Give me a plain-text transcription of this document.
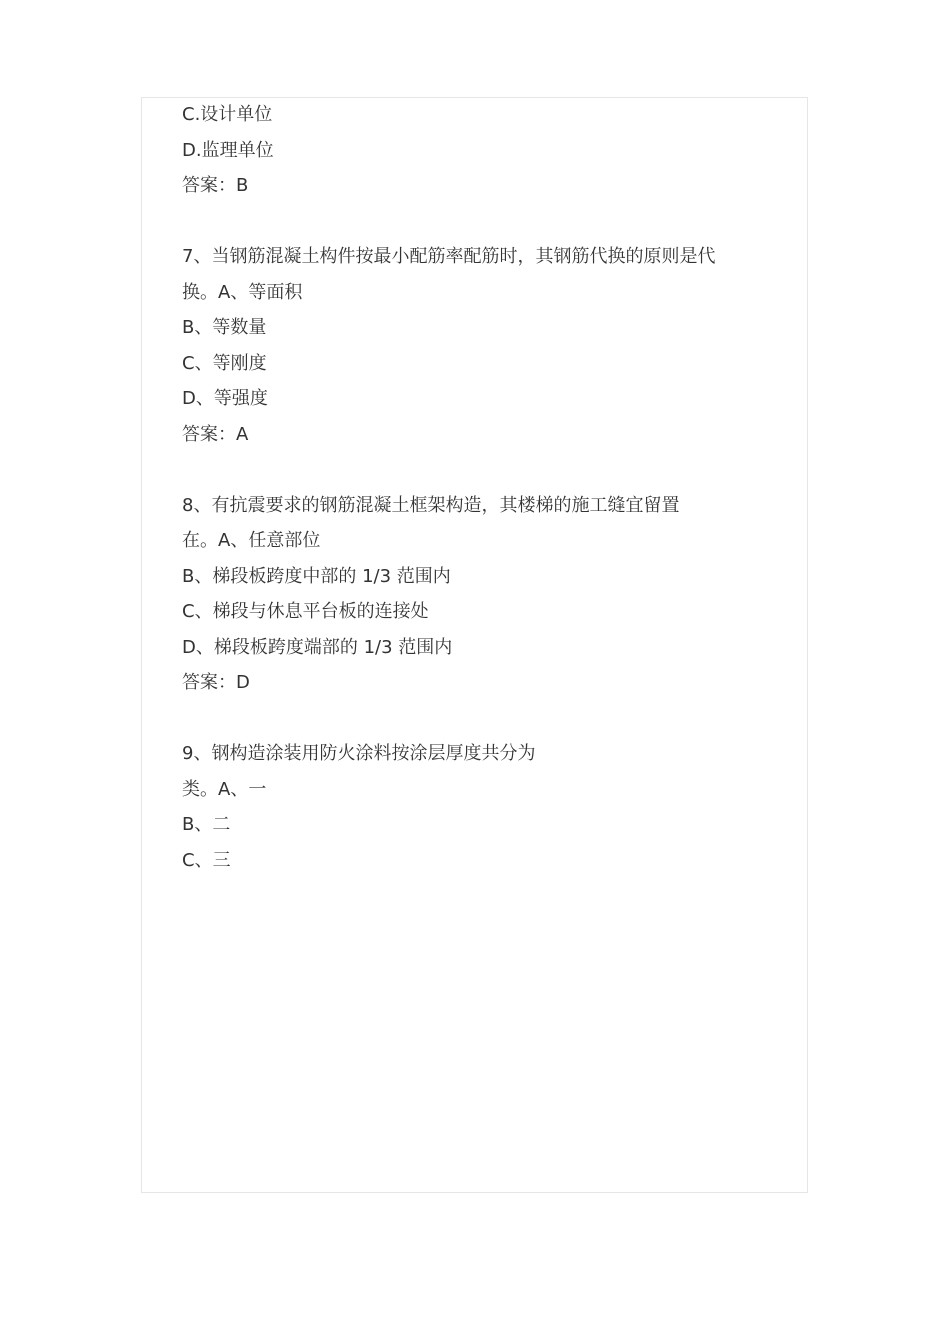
C.设计单位
D.监理单位
答案：B
7、当钢筋混凝土构件按最小配筋率配筋时，其钢筋代换的原则是代
换。A、等面积
B、等数量
C、等刚度
D、等强度
答案：A
8、有抗震要求的钢筋混凝土框架构造，其楼梯的施工缝宜留置
在。A、任意部位
B、梯段板跨度中部的 1/3 范围内
C、梯段与休息平台板的连接处
D、梯段板跨度端部的 1/3 范围内
答案：D
9、钢构造涂装用防火涂料按涂层厚度共分为
类。A、一
B、二
C、三
